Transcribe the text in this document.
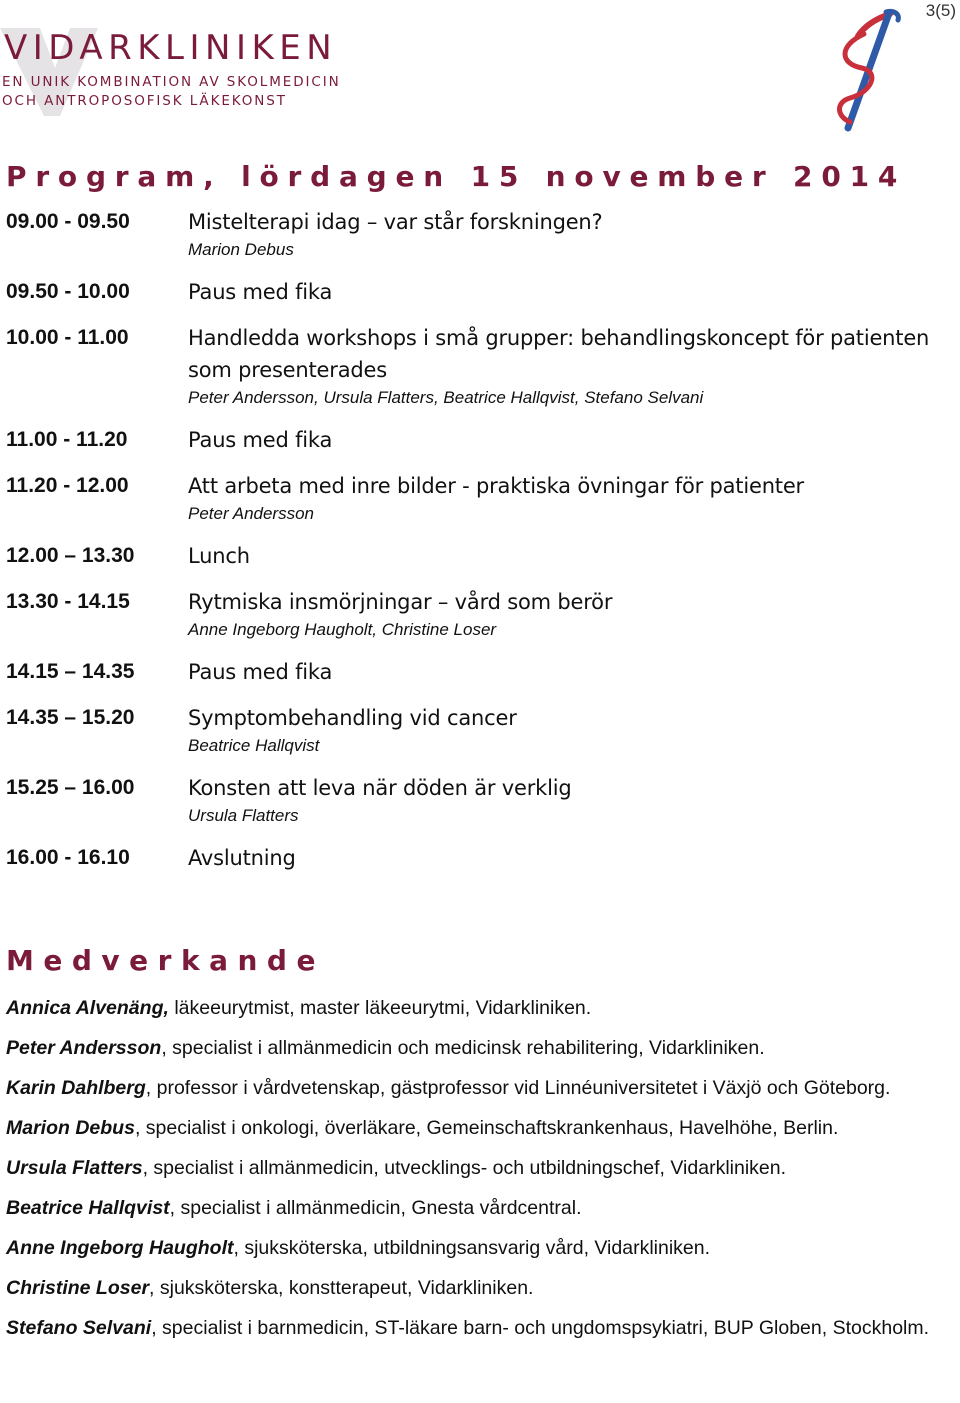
3(5)
VIDARKLINIKEN
EN UNIK KOMBINATION AV SKOLMEDICIN
OCH ANTROPOSOFISK LÄKEKONST
Program, lördagen 15 november 2014
09.00 - 09.50	Mistelterapi idag – var står forskningen?
Marion Debus
09.50 - 10.00	Paus med fika
10.00 - 11.00	Handledda workshops i små grupper: behandlingskoncept för patienten som presenterades
Peter Andersson, Ursula Flatters, Beatrice Hallqvist, Stefano Selvani
11.00 - 11.20	Paus med fika
11.20 - 12.00	Att arbeta med inre bilder - praktiska övningar för patienter
Peter Andersson
12.00 – 13.30	Lunch
13.30 - 14.15	Rytmiska insmörjningar – vård som berör
Anne Ingeborg Haugholt, Christine Loser
14.15 – 14.35	Paus med fika
14.35 – 15.20	Symptombehandling vid cancer
Beatrice Hallqvist
15.25 – 16.00	Konsten att leva när döden är verklig
Ursula Flatters
16.00 - 16.10	Avslutning
Medverkande
Annica Alvenäng, läkeeurytmist, master läkeeurytmi, Vidarkliniken.
Peter Andersson, specialist i allmänmedicin och medicinsk rehabilitering, Vidarkliniken.
Karin Dahlberg, professor i vårdvetenskap, gästprofessor vid Linnéuniversitetet i Växjö och Göteborg.
Marion Debus, specialist i onkologi, överläkare, Gemeinschaftskrankenhaus, Havelhöhe, Berlin.
Ursula Flatters, specialist i allmänmedicin, utvecklings- och utbildningschef, Vidarkliniken.
Beatrice Hallqvist, specialist i allmänmedicin, Gnesta vårdcentral.
Anne Ingeborg Haugholt, sjuksköterska, utbildningsansvarig vård, Vidarkliniken.
Christine Loser, sjuksköterska, konstterapeut, Vidarkliniken.
Stefano Selvani, specialist i barnmedicin, ST-läkare barn- och ungdomspsykiatri, BUP Globen, Stockholm.
